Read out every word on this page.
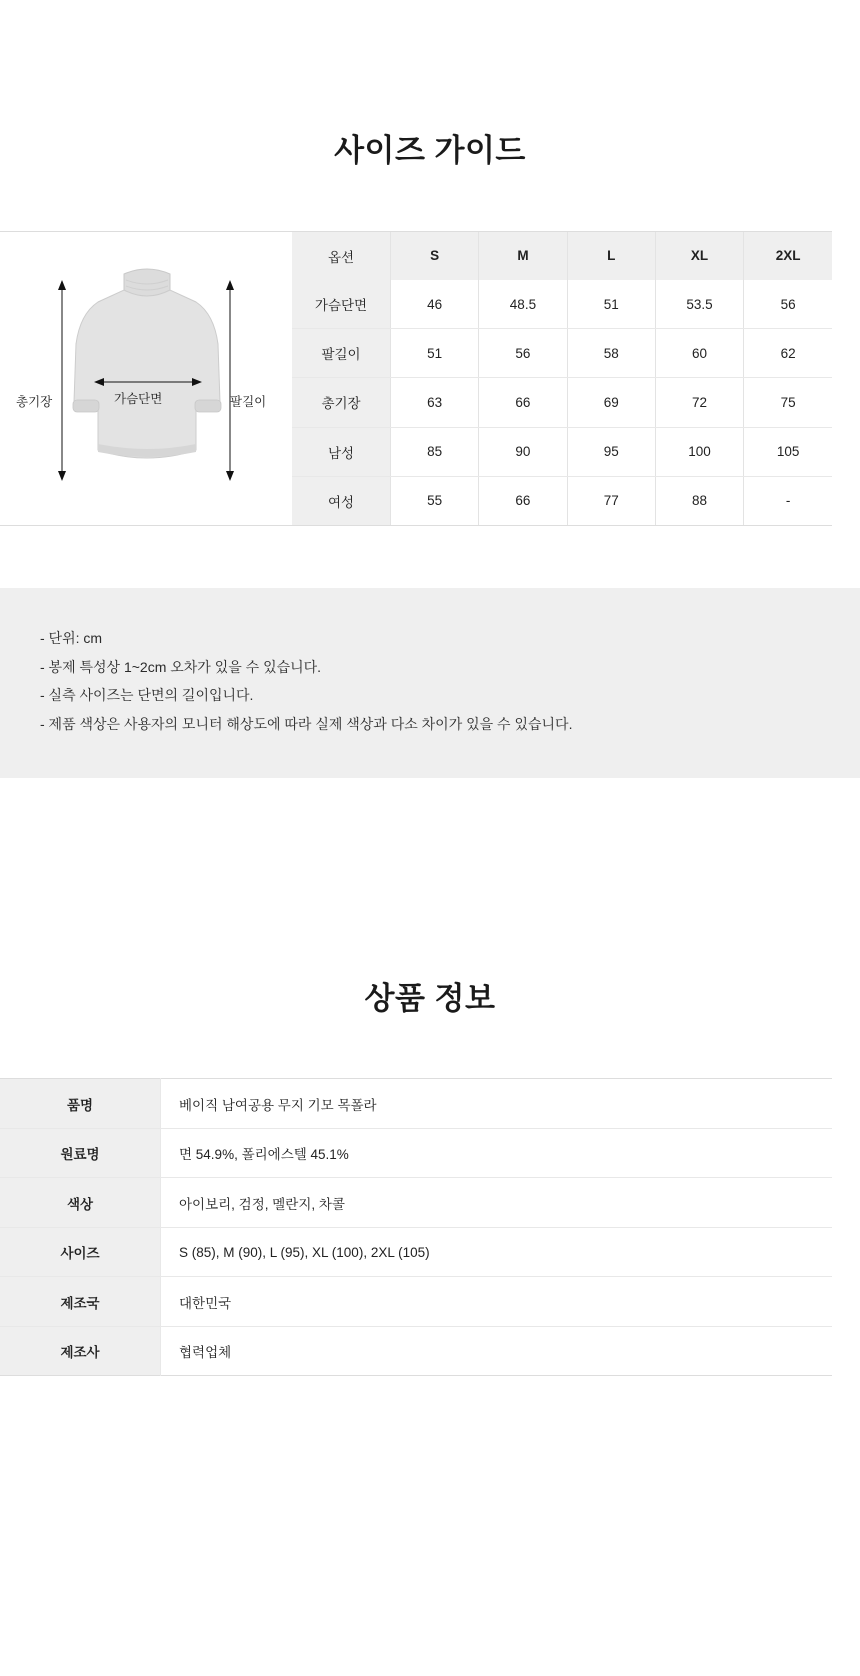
사이즈 가이드
총기장	가슴단면	팔길이
옵션	S	M	L	XL	2XL
가슴단면	46	48.5	51	53.5	56
팔길이	51	56	58	60	62
총기장	63	66	69	72	75
남성	85	90	95	100	105
여성	55	66	77	88	-

- 단위: cm

- 봉제 특성상 1~2cm 오차가 있을 수 있습니다.

- 실측 사이즈는 단면의 길이입니다.

- 제품 색상은 사용자의 모니터 해상도에 따라 실제 색상과 다소 차이가 있을 수 있습니다.

상품 정보
품명	베이직 남여공용 무지 기모 목폴라
원료명	면 54.9%, 폴리에스텔 45.1%
색상	아이보리, 검정, 멜란지, 차콜
사이즈	S (85), M (90), L (95), XL (100), 2XL (105)
제조국	대한민국
제조사	협력업체
